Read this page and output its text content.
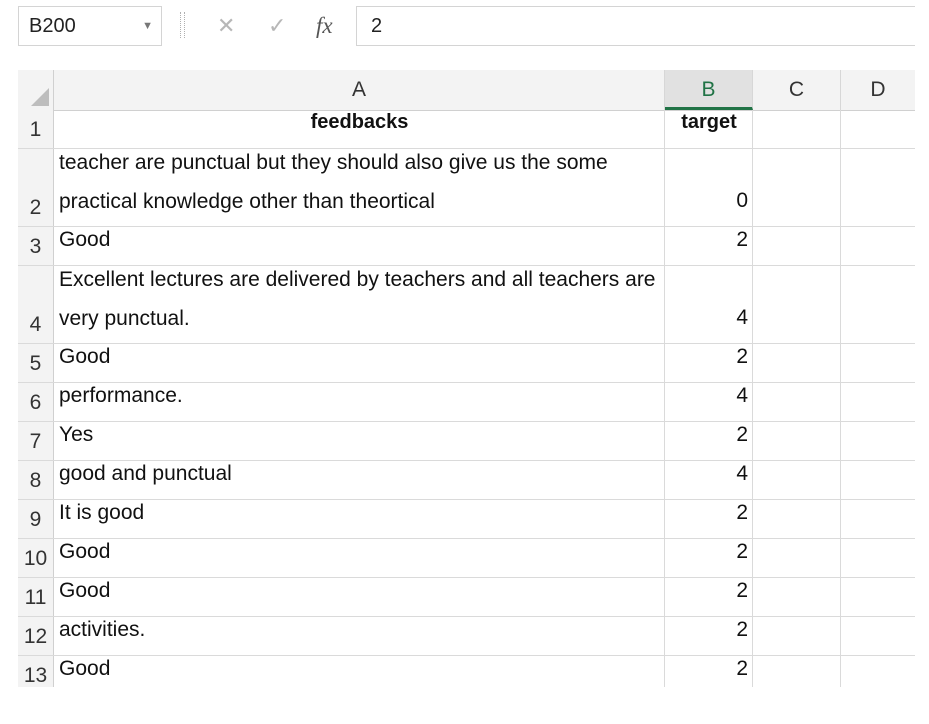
B200	▼	✕ ✓ fx	2
A	B	C	D
1	feedbacks	target
2
teacher are punctual but they should also give us the some practical knowledge other than theortical	0
3 Good	2
4
Excellent lectures are delivered by teachers and all teachers are very punctual.	4
5 Good	2
6 performance.	4
7 Yes	2
8 good and punctual	4
9 It is good	2
10 Good	2
11 Good	2
12 activities.	2
13 Good	2
